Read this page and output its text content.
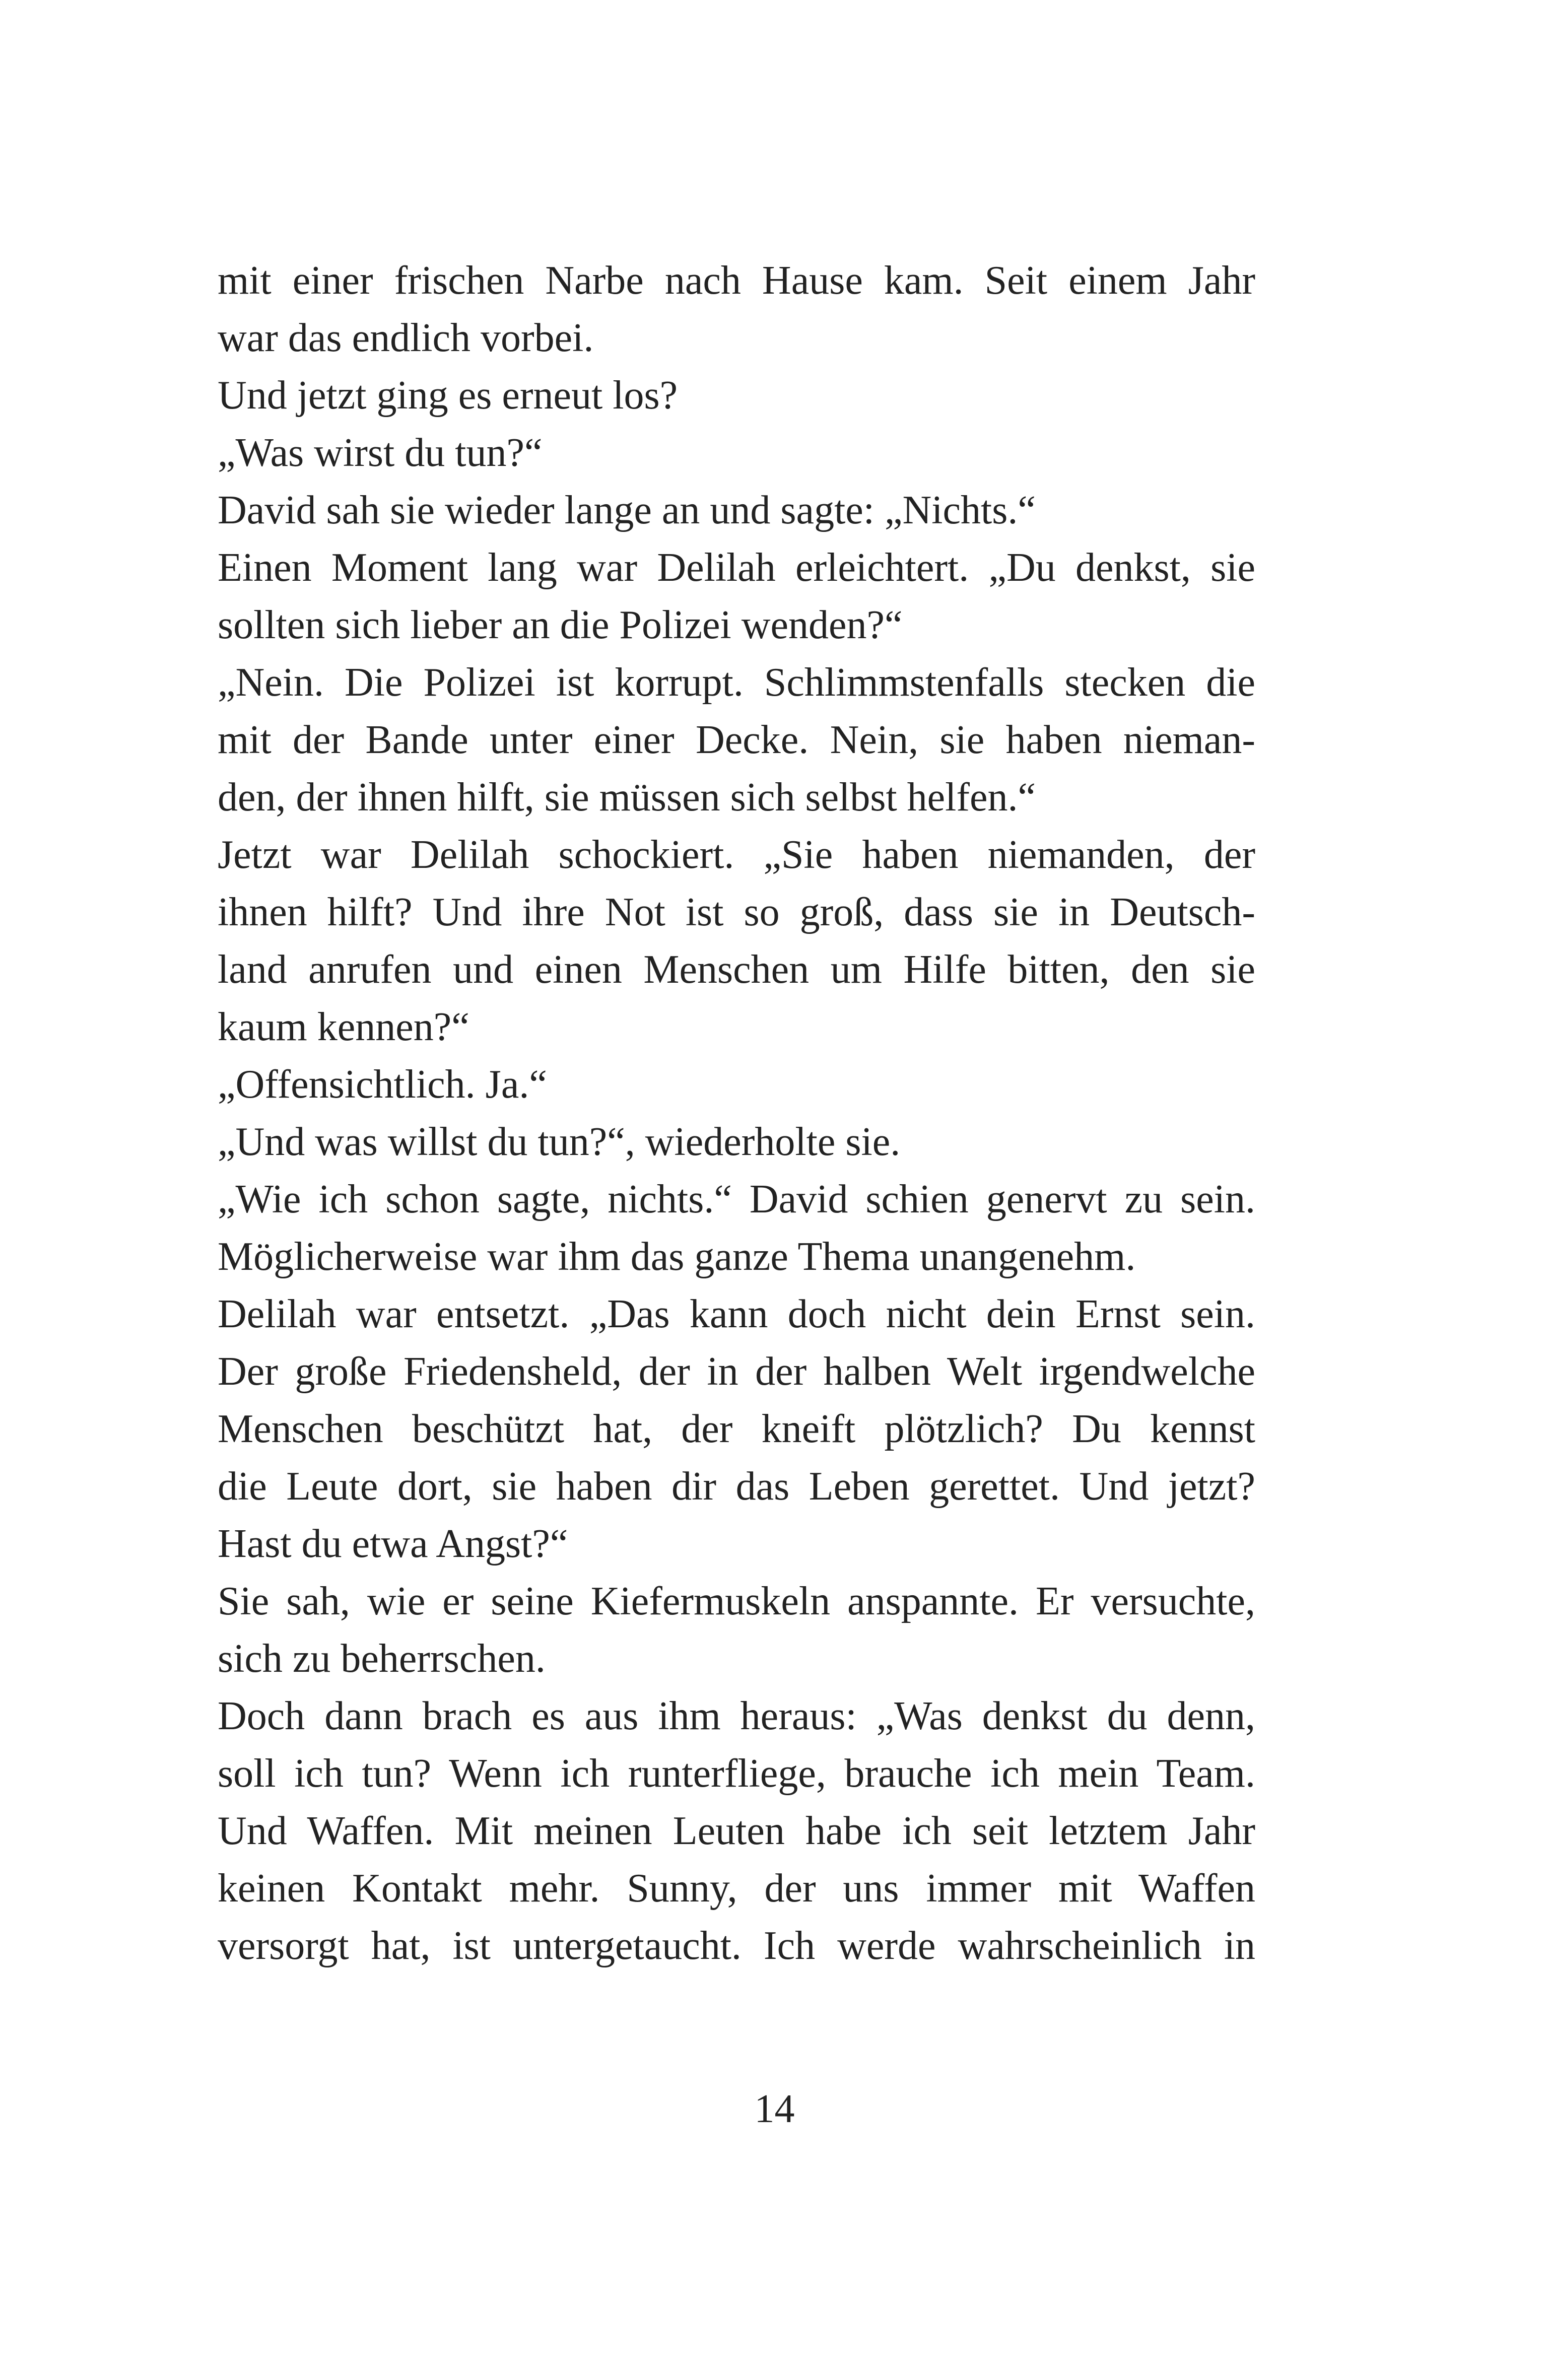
mit einer frischen Narbe nach Hause kam. Seit einem Jahr
war das endlich vorbei.
Und jetzt ging es erneut los?
„Was wirst du tun?“
David sah sie wieder lange an und sagte: „Nichts.“
Einen Moment lang war Delilah erleichtert. „Du denkst, sie
sollten sich lieber an die Polizei wenden?“
„Nein. Die Polizei ist korrupt. Schlimmstenfalls stecken die
mit der Bande unter einer Decke. Nein, sie haben nieman-
den, der ihnen hilft, sie müssen sich selbst helfen.“
Jetzt war Delilah schockiert. „Sie haben niemanden, der
ihnen hilft? Und ihre Not ist so groß, dass sie in Deutsch-
land anrufen und einen Menschen um Hilfe bitten, den sie
kaum kennen?“
„Offensichtlich. Ja.“
„Und was willst du tun?“, wiederholte sie.
„Wie ich schon sagte, nichts.“ David schien genervt zu sein.
Möglicherweise war ihm das ganze Thema unangenehm.
Delilah war entsetzt. „Das kann doch nicht dein Ernst sein.
Der große Friedensheld, der in der halben Welt irgendwelche
Menschen beschützt hat, der kneift plötzlich? Du kennst
die Leute dort, sie haben dir das Leben gerettet. Und jetzt?
Hast du etwa Angst?“
Sie sah, wie er seine Kiefermuskeln anspannte. Er versuchte,
sich zu beherrschen.
Doch dann brach es aus ihm heraus: „Was denkst du denn,
soll ich tun? Wenn ich runterfliege, brauche ich mein Team.
Und Waffen. Mit meinen Leuten habe ich seit letztem Jahr
keinen Kontakt mehr. Sunny, der uns immer mit Waffen
versorgt hat, ist untergetaucht. Ich werde wahrscheinlich in
14
